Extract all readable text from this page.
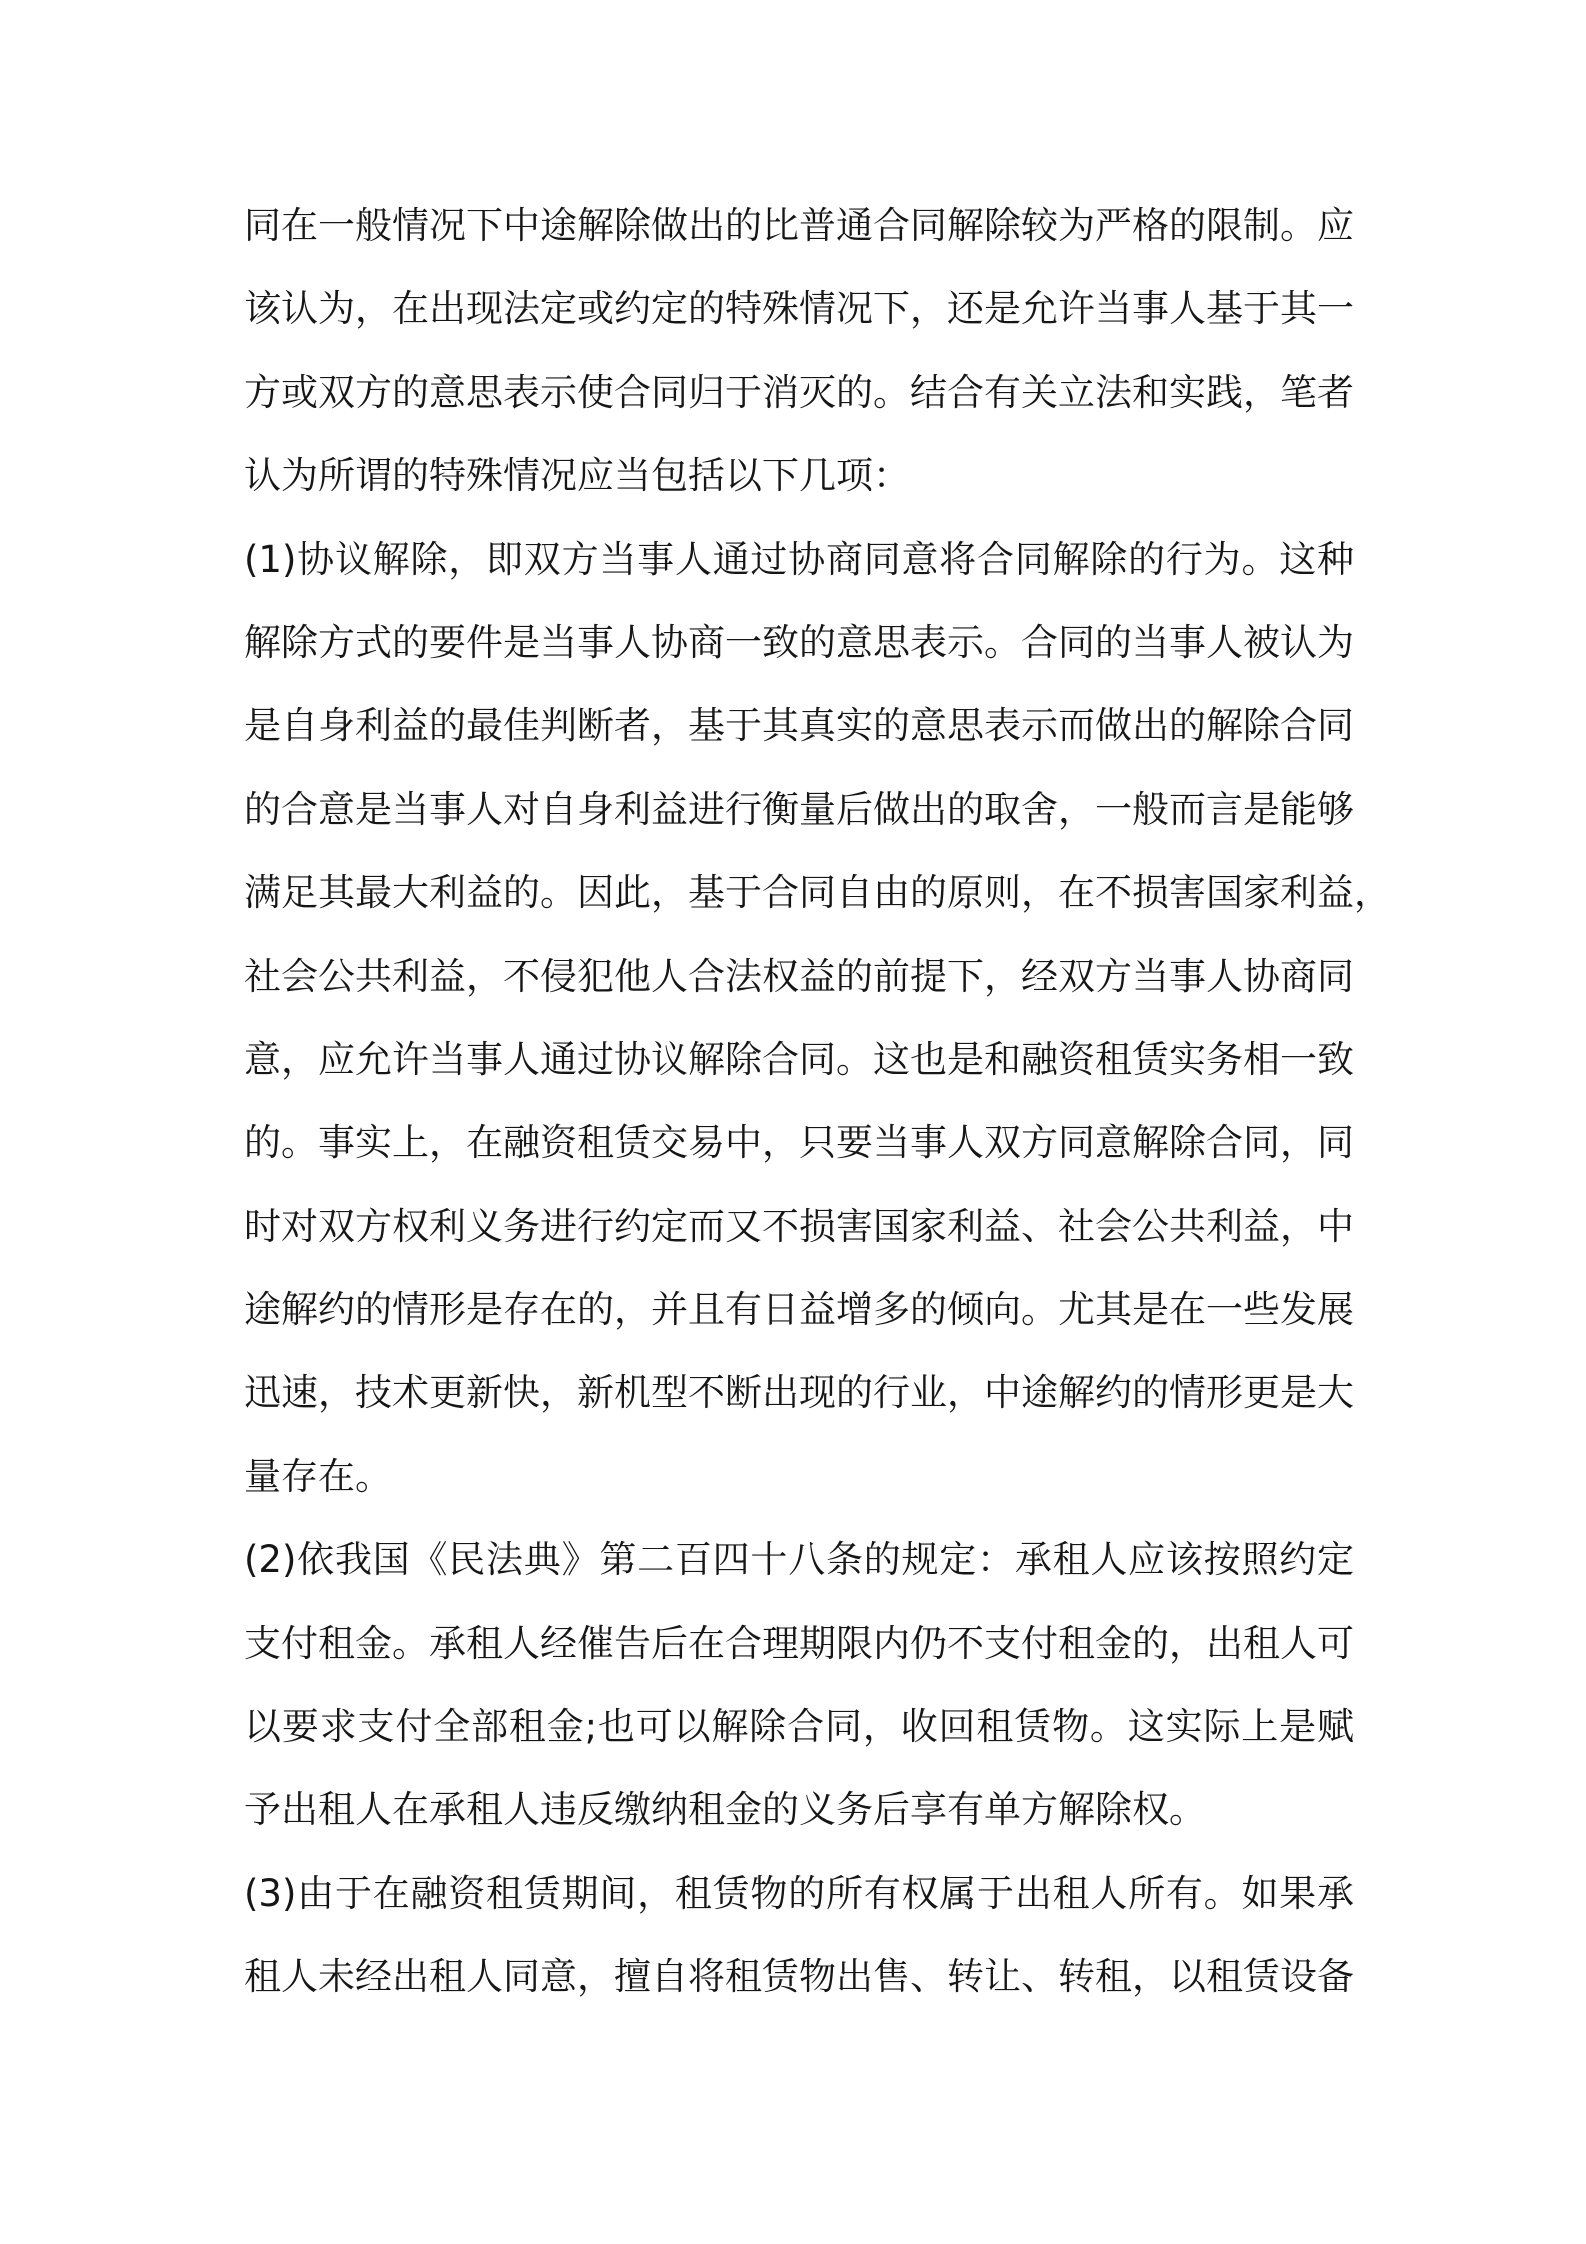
同在一般情况下中途解除做出的比普通合同解除较为严格的限制。应
该认为，在出现法定或约定的特殊情况下，还是允许当事人基于其一
方或双方的意思表示使合同归于消灭的。结合有关立法和实践，笔者
认为所谓的特殊情况应当包括以下几项：
(1)协议解除，即双方当事人通过协商同意将合同解除的行为。这种
解除方式的要件是当事人协商一致的意思表示。合同的当事人被认为
是自身利益的最佳判断者，基于其真实的意思表示而做出的解除合同
的合意是当事人对自身利益进行衡量后做出的取舍，一般而言是能够
满足其最大利益的。因此，基于合同自由的原则，在不损害国家利益，
社会公共利益，不侵犯他人合法权益的前提下，经双方当事人协商同
意，应允许当事人通过协议解除合同。这也是和融资租赁实务相一致
的。事实上，在融资租赁交易中，只要当事人双方同意解除合同，同
时对双方权利义务进行约定而又不损害国家利益、社会公共利益，中
途解约的情形是存在的，并且有日益增多的倾向。尤其是在一些发展
迅速，技术更新快，新机型不断出现的行业，中途解约的情形更是大
量存在。
(2)依我国《民法典》第二百四十八条的规定：承租人应该按照约定
支付租金。承租人经催告后在合理期限内仍不支付租金的，出租人可
以要求支付全部租金;也可以解除合同，收回租赁物。这实际上是赋
予出租人在承租人违反缴纳租金的义务后享有单方解除权。
(3)由于在融资租赁期间，租赁物的所有权属于出租人所有。如果承
租人未经出租人同意，擅自将租赁物出售、转让、转租，以租赁设备
